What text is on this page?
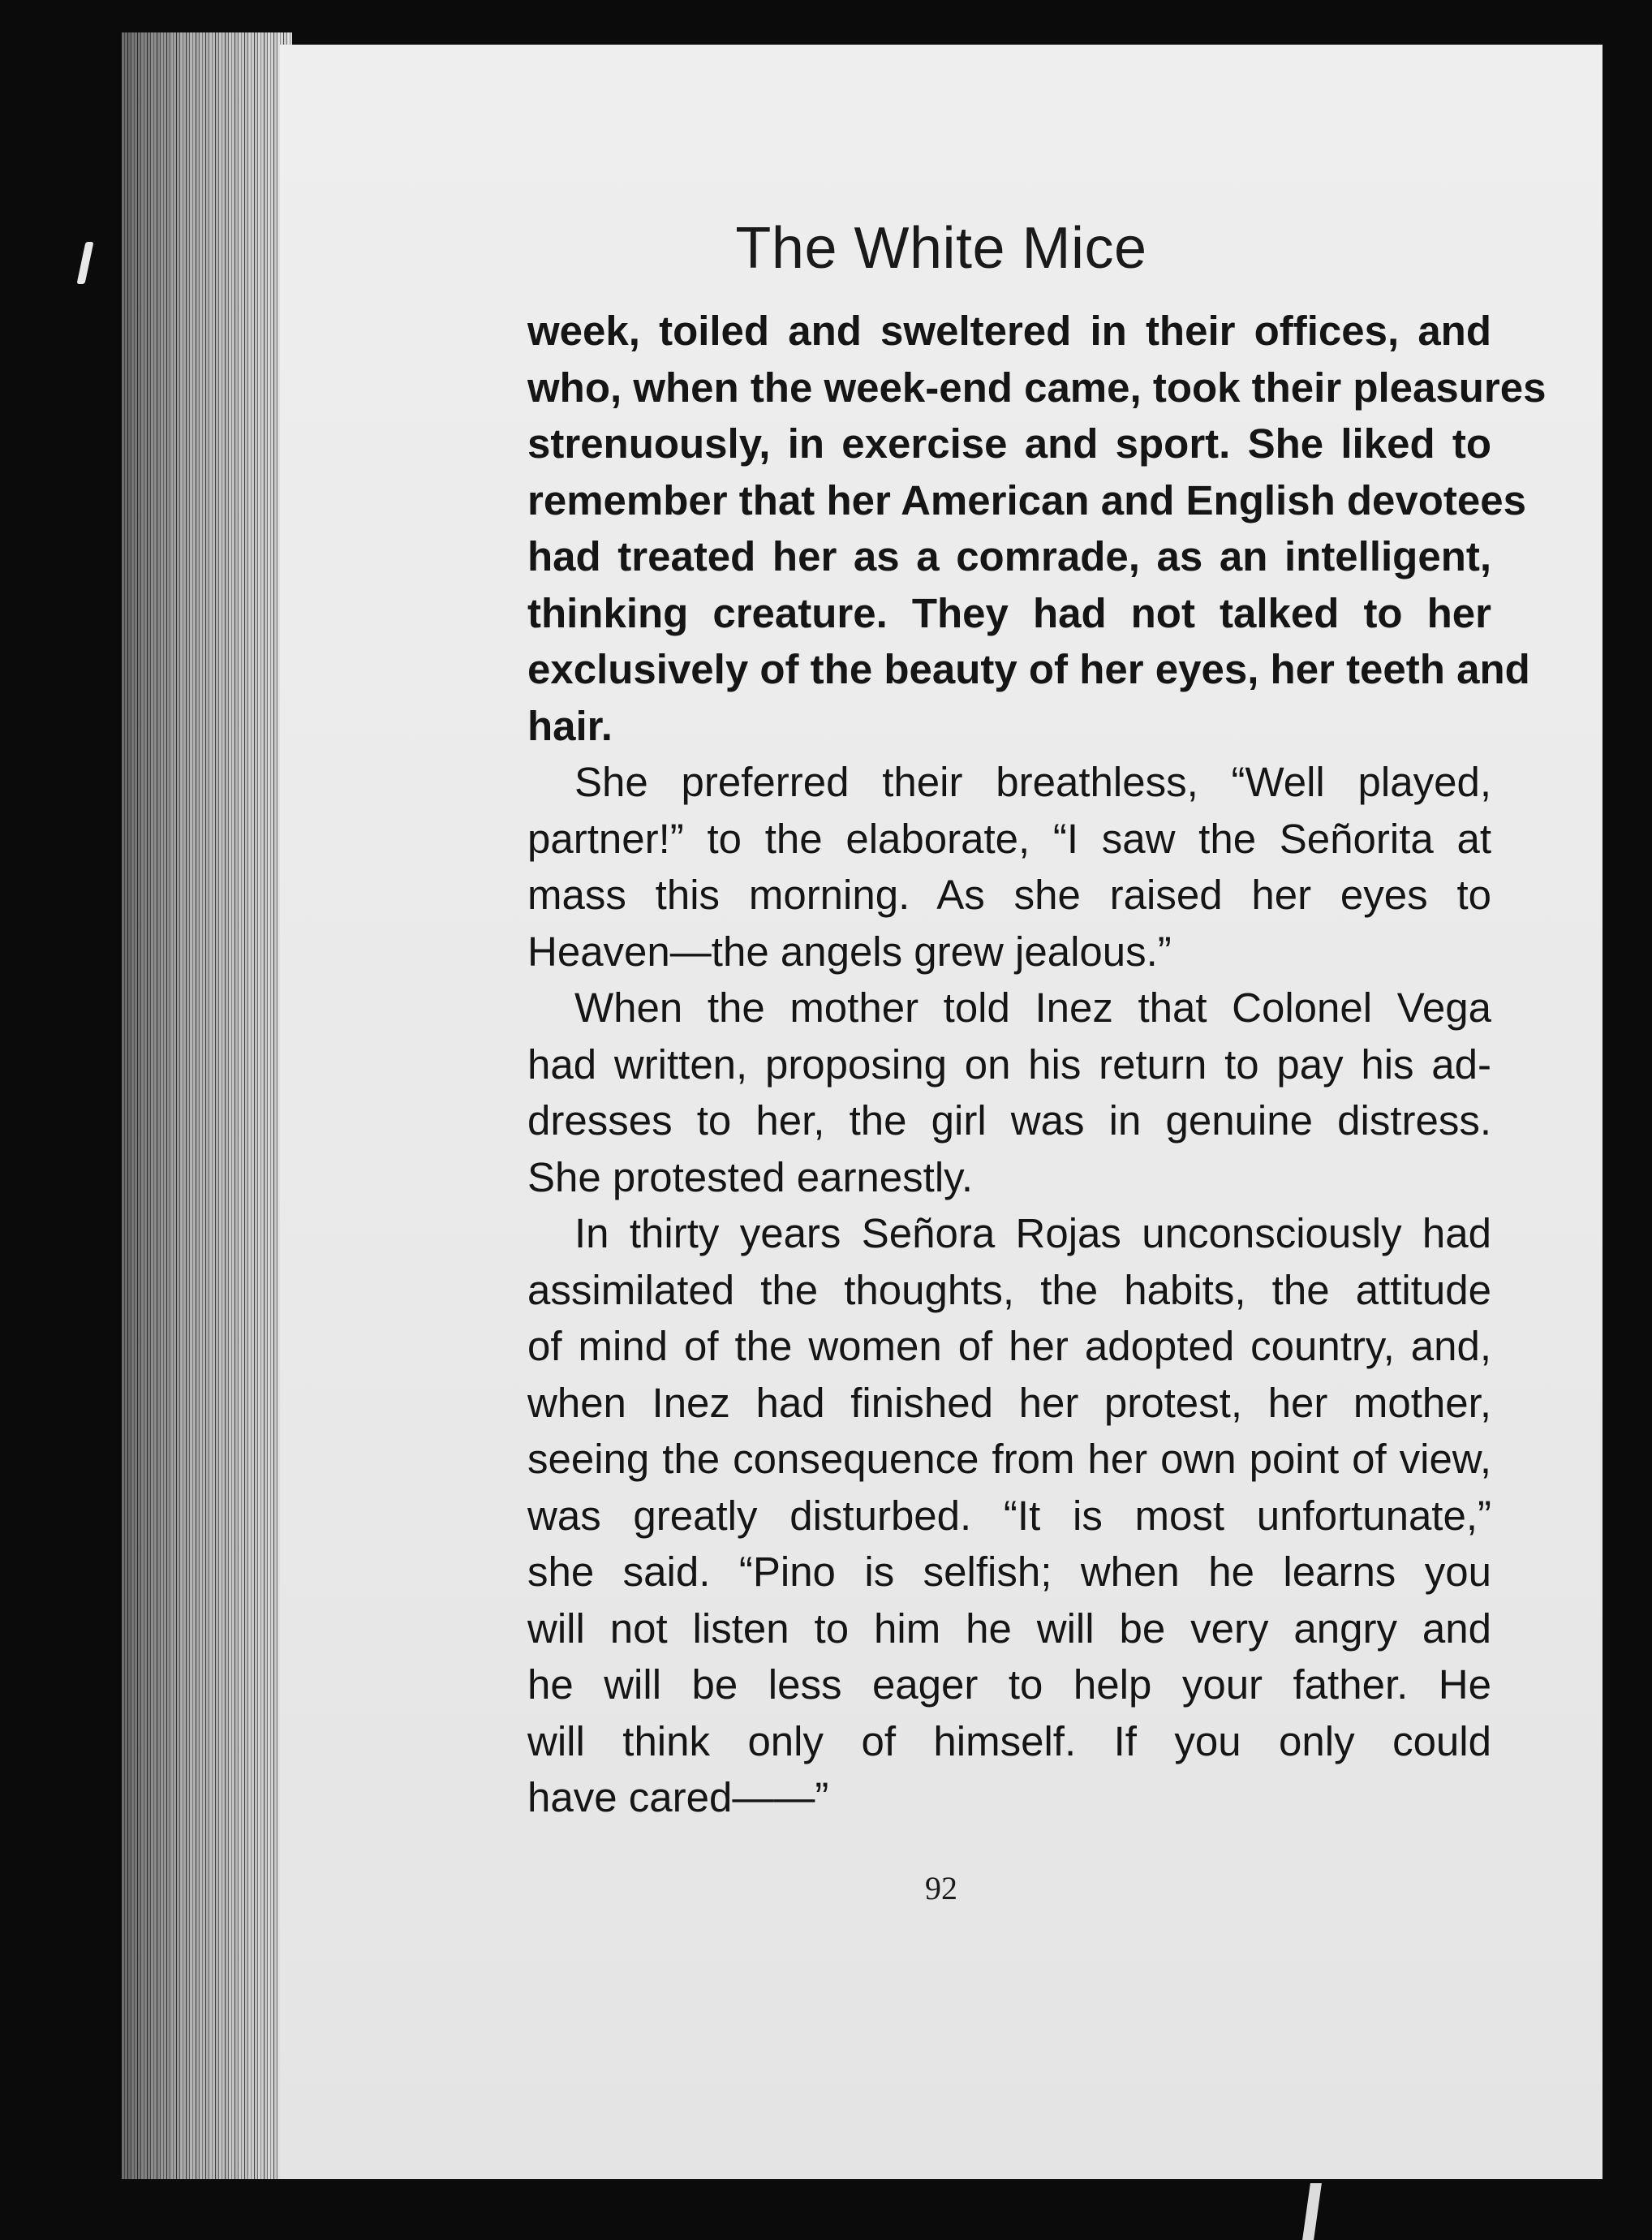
The White Mice
week, toiled and sweltered in their offices, and
who, when the week-end came, took their pleasures
strenuously, in exercise and sport. She liked to
remember that her American and English devotees
had treated her as a comrade, as an intelligent,
thinking creature. They had not talked to her
exclusively of the beauty of her eyes, her teeth and
hair.
She preferred their breathless, “Well played,
partner!” to the elaborate, “I saw the Señorita at
mass this morning. As she raised her eyes to
Heaven—the angels grew jealous.”
When the mother told Inez that Colonel Vega
had written, proposing on his return to pay his ad-
dresses to her, the girl was in genuine distress.
She protested earnestly.
In thirty years Señora Rojas unconsciously had
assimilated the thoughts, the habits, the attitude
of mind of the women of her adopted country, and,
when Inez had finished her protest, her mother,
seeing the consequence from her own point of view,
was greatly disturbed. “It is most unfortunate,”
she said. “Pino is selfish; when he learns you
will not listen to him he will be very angry and
he will be less eager to help your father. He
will think only of himself. If you only could
have cared——”
92
